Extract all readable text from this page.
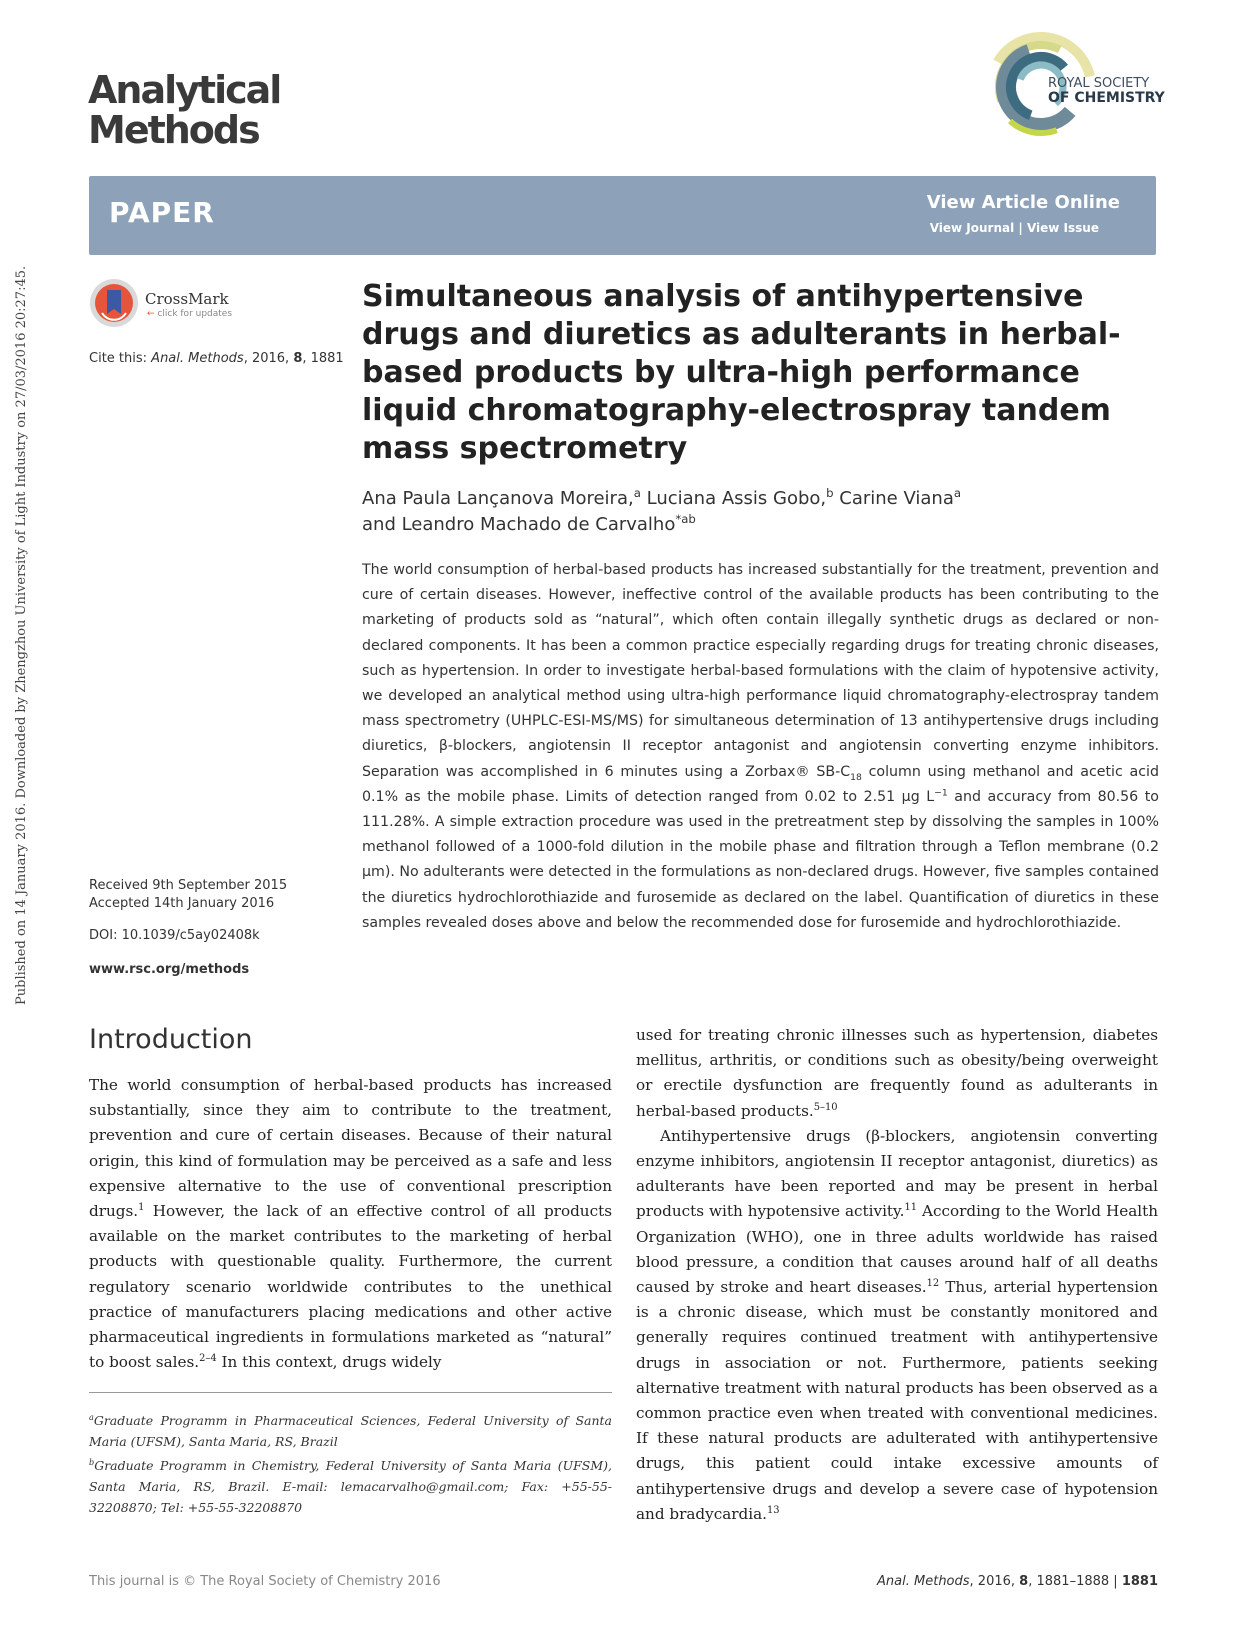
Published on 14 January 2016. Downloaded by Zhengzhou University of Light Industry on 27/03/2016 20:27:45.
Analytical
Methods
ROYAL SOCIETY
OF CHEMISTRY
PAPER	View Article Online
View Journal | View Issue
CrossMark
← click for updates
Cite this: Anal. Methods, 2016, 8, 1881
Simultaneous analysis of antihypertensive drugs and diuretics as adulterants in herbal-based products by ultra-high performance liquid chromatography-electrospray tandem mass spectrometry
Ana Paula Lançanova Moreira,$^a$ Luciana Assis Gobo,$^b$ Carine Viana$^a$
and Leandro Machado de Carvalho$^{*ab}$
The world consumption of herbal-based products has increased substantially for the treatment, prevention and cure of certain diseases. However, ineffective control of the available products has been contributing to the marketing of products sold as “natural”, which often contain illegally synthetic drugs as declared or non-declared components. It has been a common practice especially regarding drugs for treating chronic diseases, such as hypertension. In order to investigate herbal-based formulations with the claim of hypotensive activity, we developed an analytical method using ultra-high performance liquid chromatography-electrospray tandem mass spectrometry (UHPLC-ESI-MS/MS) for simultaneous determination of 13 antihypertensive drugs including diuretics, β-blockers, angiotensin II receptor antagonist and angiotensin converting enzyme inhibitors. Separation was accomplished in 6 minutes using a Zorbax® $SB-C_{18}$ column using methanol and acetic acid 0.1% as the mobile phase. Limits of detection ranged from 0.02 to 2.51 μg $L^{-1}$ and accuracy from 80.56 to 111.28%. A simple extraction procedure was used in the pretreatment step by dissolving the samples in 100% methanol followed of a 1000-fold dilution in the mobile phase and filtration through a Teflon membrane (0.2 μm). No adulterants were detected in the formulations as non-declared drugs. However, five samples contained the diuretics hydrochlorothiazide and furosemide as declared on the label. Quantification of diuretics in these samples revealed doses above and below the recommended dose for furosemide and hydrochlorothiazide.
Received 9th September 2015
Accepted 14th January 2016
DOI: 10.1039/c5ay02408k
www.rsc.org/methods
Introduction
The world consumption of herbal-based products has increased substantially, since they aim to contribute to the treatment, prevention and cure of certain diseases. Because of their natural origin, this kind of formulation may be perceived as a safe and less expensive alternative to the use of conventional prescription drugs.$^1$ However, the lack of an effective control of all products available on the market contributes to the marketing of herbal products with questionable quality. Furthermore, the current regulatory scenario worldwide contributes to the unethical practice of manufacturers placing medications and other active pharmaceutical ingredients in formulations marketed as “natural” to boost sales.$^{2-4}$ In this context, drugs widely
used for treating chronic illnesses such as hypertension, diabetes mellitus, arthritis, or conditions such as obesity/being overweight or erectile dysfunction are frequently found as adulterants in herbal-based products.$^{5-10}$
Antihypertensive drugs (β-blockers, angiotensin converting enzyme inhibitors, angiotensin II receptor antagonist, diuretics) as adulterants have been reported and may be present in herbal products with hypotensive activity.$^{11}$ According to the World Health Organization (WHO), one in three adults worldwide has raised blood pressure, a condition that causes around half of all deaths caused by stroke and heart diseases.$^{12}$ Thus, arterial hypertension is a chronic disease, which must be constantly monitored and generally requires continued treatment with antihypertensive drugs in association or not. Furthermore, patients seeking alternative treatment with natural products has been observed as a common practice even when treated with conventional medicines. If these natural products are adulterated with antihypertensive drugs, this patient could intake excessive amounts of antihypertensive drugs and develop a severe case of hypotension and bradycardia.$^{13}$
$^a$Graduate Programm in Pharmaceutical Sciences, Federal University of Santa Maria (UFSM), Santa Maria, RS, Brazil
$^b$Graduate Programm in Chemistry, Federal University of Santa Maria (UFSM), Santa Maria, RS, Brazil. E-mail: lemacarvalho@gmail.com; Fax: +55-55-32208870; Tel: +55-55-32208870
This journal is © The Royal Society of Chemistry 2016	Anal. Methods, 2016, 8, 1881–1888 | 1881
